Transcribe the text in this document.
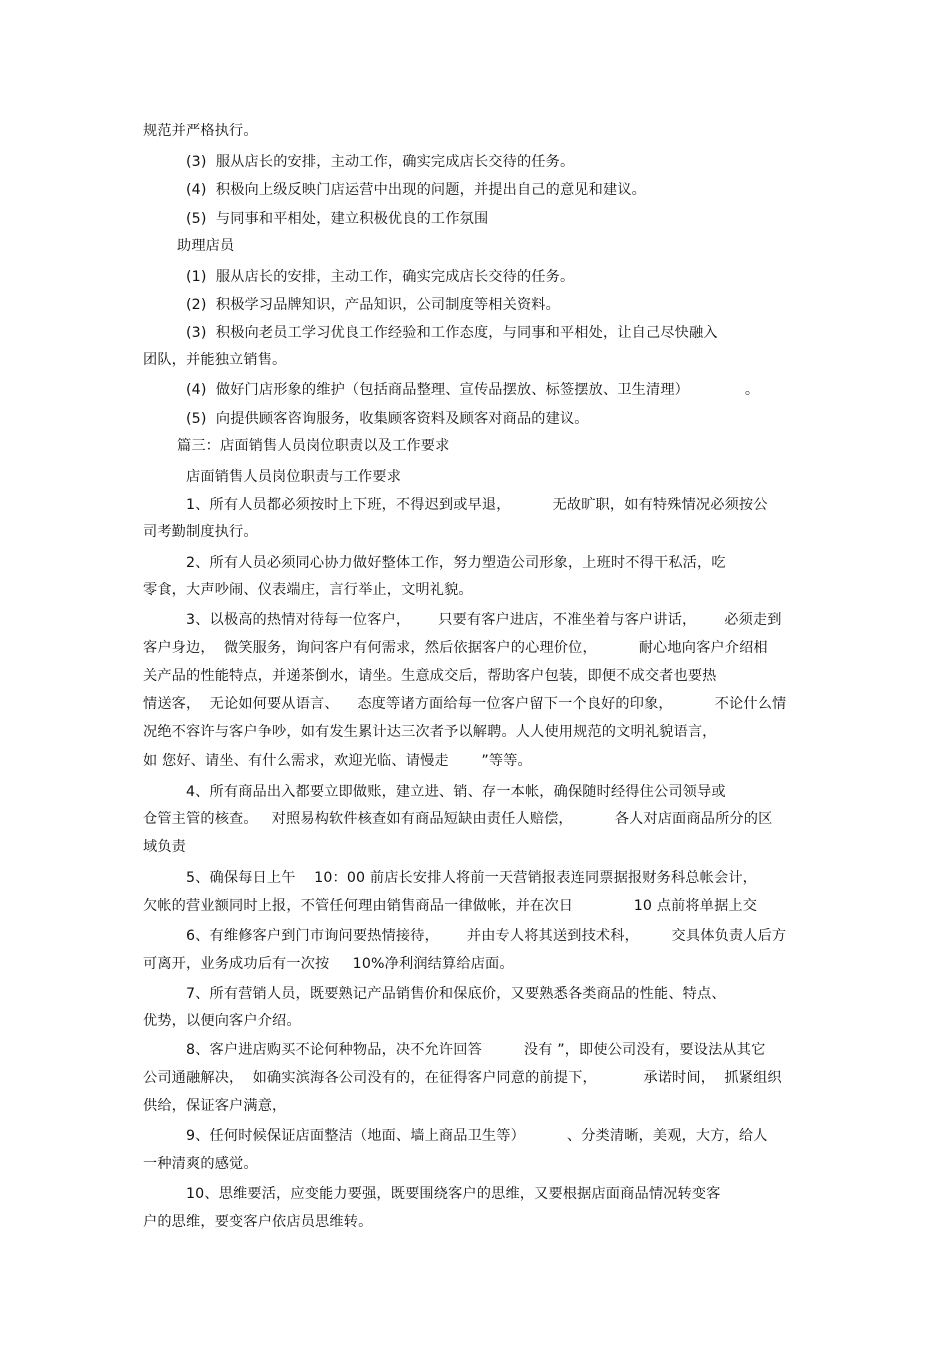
规范并严格执行。

(3)  服从店长的安排，主动工作，确实完成店长交待的任务。

(4)  积极向上级反映门店运营中出现的问题，并提出自己的意见和建议。

(5)  与同事和平相处，建立积极优良的工作氛围

助理店员

(1)  服从店长的安排，主动工作，确实完成店长交待的任务。

(2)  积极学习品牌知识，产品知识，公司制度等相关资料。

(3)  积极向老员工学习优良工作经验和工作态度，与同事和平相处，让自己尽快融入

团队，并能独立销售。

(4)  做好门店形象的维护（包括商品整理、宣传品摆放、标签摆放、卫生清理）            。

(5)  向提供顾客咨询服务，收集顾客资料及顾客对商品的建议。

篇三：店面销售人员岗位职责以及工作要求

店面销售人员岗位职责与工作要求

1、所有人员都必须按时上下班，不得迟到或早退，         无故旷职，如有特殊情况必须按公

司考勤制度执行。

2、所有人员必须同心协力做好整体工作，努力塑造公司形象，上班时不得干私活，吃

零食，大声吵闹、仪表端庄，言行举止，文明礼貌。

3、以极高的热情对待每一位客户，      只要有客户进店，不准坐着与客户讲话，      必须走到

客户身边，  微笑服务，询问客户有何需求，然后依据客户的心理价位，         耐心地向客户介绍相

关产品的性能特点，并递茶倒水，请坐。生意成交后，帮助客户包装，即便不成交者也要热

情送客，  无论如何要从语言、    态度等诸方面给每一位客户留下一个良好的印象，         不论什么情

况绝不容许与客户争吵，如有发生累计达三次者予以解聘。人人使用规范的文明礼貌语言，

如 您好、请坐、有什么需求，欢迎光临、请慢走       ”等等。

4、所有商品出入都要立即做账，建立进、销、存一本帐，确保随时经得住公司领导或

仓管主管的核查。   对照易构软件核查如有商品短缺由责任人赔偿，         各人对店面商品所分的区

域负责

5、确保每日上午    10：00 前店长安排人将前一天营销报表连同票据报财务科总帐会计，

欠帐的营业额同时上报，不管任何理由销售商品一律做帐，并在次日             10 点前将单据上交

6、有维修客户到门市询问要热情接待，      并由专人将其送到技术科，       交具体负责人后方

可离开，业务成功后有一次按     10%净利润结算给店面。

7、所有营销人员，既要熟记产品销售价和保底价，又要熟悉各类商品的性能、特点、

优势，以便向客户介绍。

8、客户进店购买不论何种物品，决不允许回答         没有 ”，即使公司没有，要设法从其它

公司通融解决，  如确实滨海各公司没有的，在征得客户同意的前提下，          承诺时间，  抓紧组织

供给，保证客户满意，

9、任何时候保证店面整洁（地面、墙上商品卫生等）         、分类清晰，美观，大方，给人

一种清爽的感觉。

10、思维要活，应变能力要强，既要围绕客户的思维，又要根据店面商品情况转变客

户的思维，要变客户依店员思维转。
